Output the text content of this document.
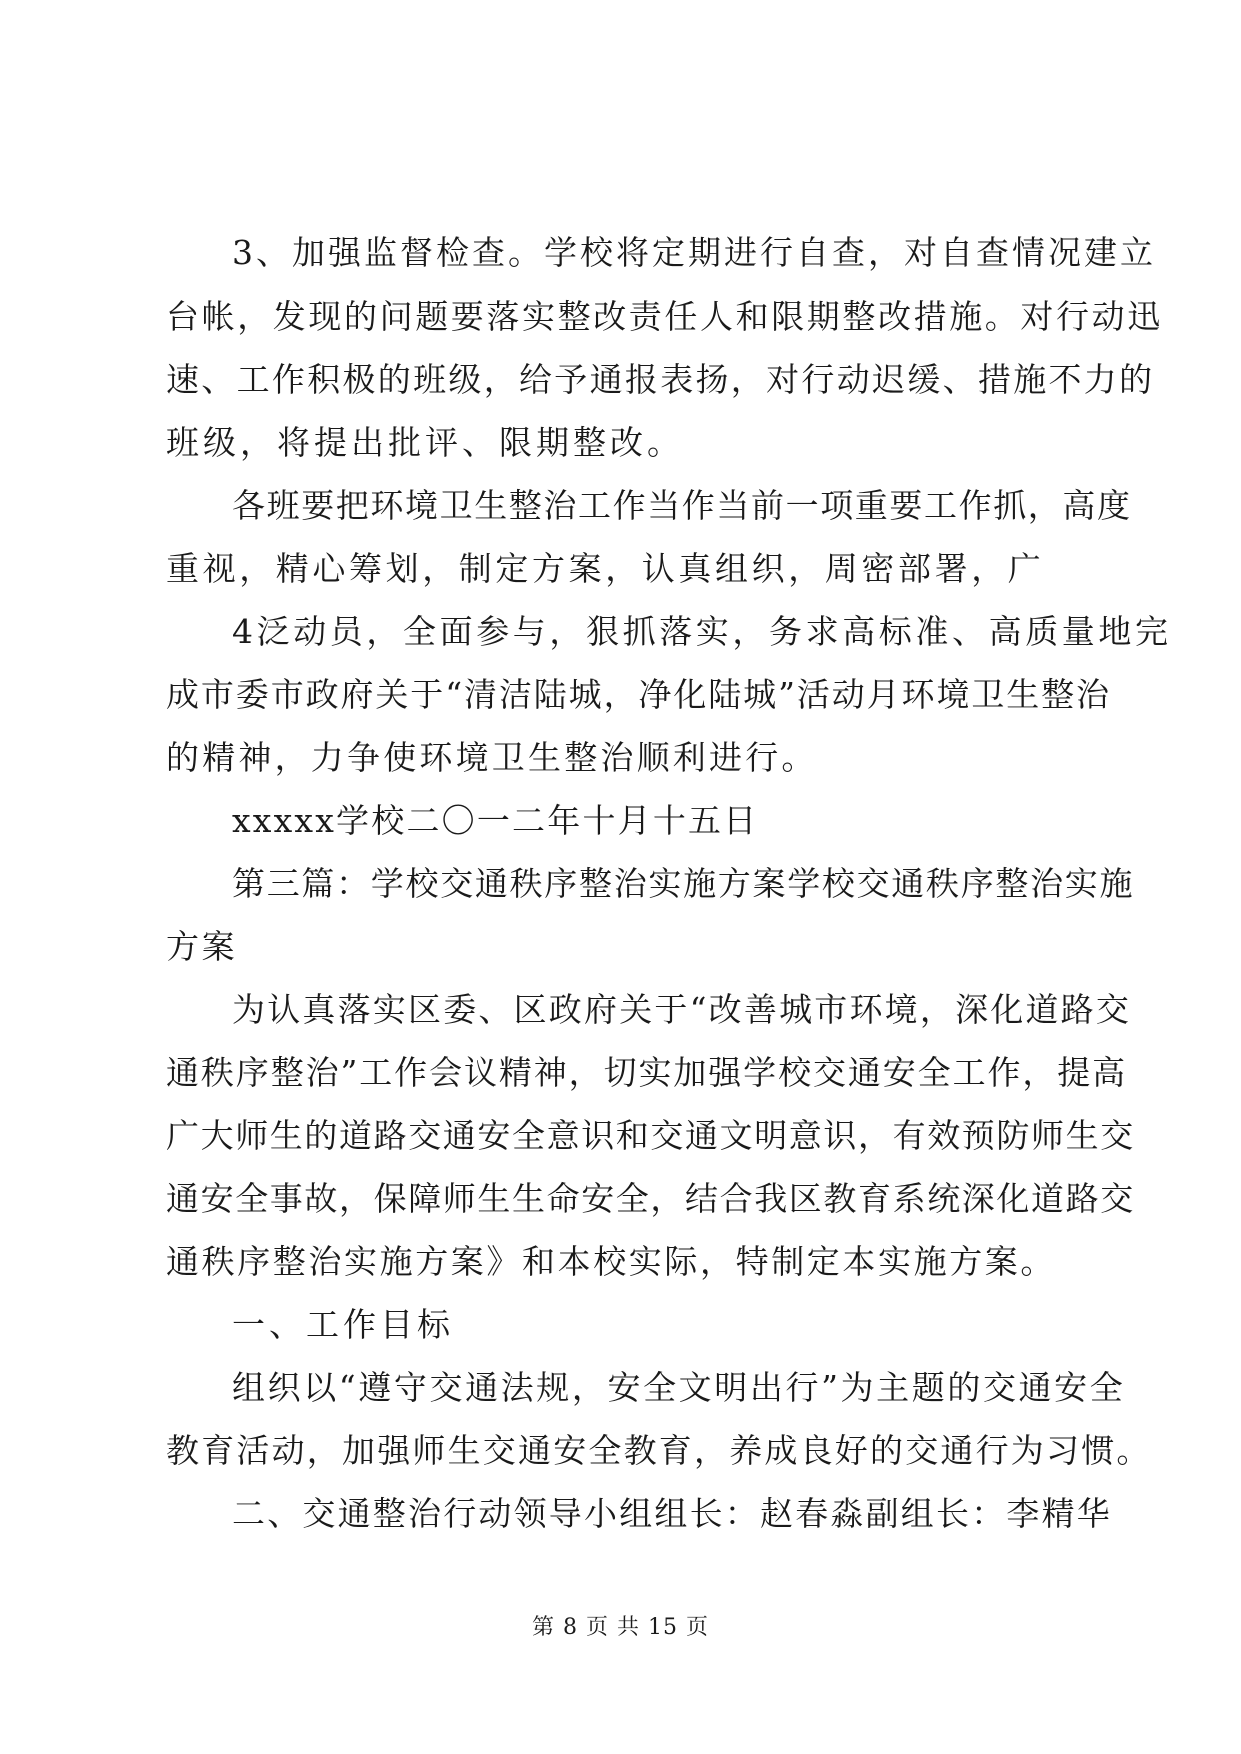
3、加强监督检查。学校将定期进行自查，对自查情况建立
台帐，发现的问题要落实整改责任人和限期整改措施。对行动迅
速、工作积极的班级，给予通报表扬，对行动迟缓、措施不力的
班级，将提出批评、限期整改。
各班要把环境卫生整治工作当作当前一项重要工作抓，高度
重视，精心筹划，制定方案，认真组织，周密部署，广
4泛动员，全面参与，狠抓落实，务求高标准、高质量地完
成市委市政府关于“清洁陆城，净化陆城”活动月环境卫生整治
的精神，力争使环境卫生整治顺利进行。
xxxxx学校二〇一二年十月十五日
第三篇：学校交通秩序整治实施方案学校交通秩序整治实施
方案
为认真落实区委、区政府关于“改善城市环境，深化道路交
通秩序整治”工作会议精神，切实加强学校交通安全工作，提高
广大师生的道路交通安全意识和交通文明意识，有效预防师生交
通安全事故，保障师生生命安全，结合我区教育系统深化道路交
通秩序整治实施方案》和本校实际，特制定本实施方案。
一、工作目标
组织以“遵守交通法规，安全文明出行”为主题的交通安全
教育活动，加强师生交通安全教育，养成良好的交通行为习惯。
二、交通整治行动领导小组组长：赵春淼副组长：李精华
第 8 页 共 15 页
